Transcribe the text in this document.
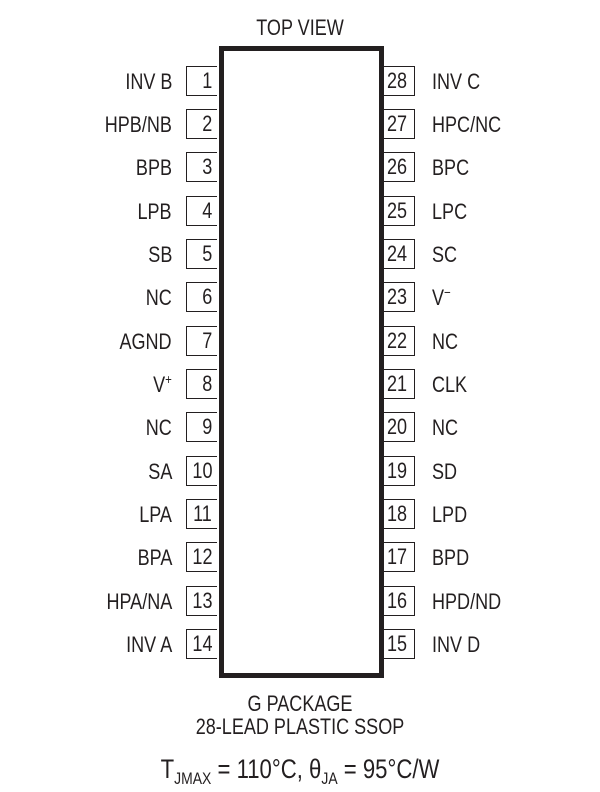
TOP VIEW
1
INV B
2
HPB/NB
3
BPB
4
LPB
5
SB
6
NC
7
AGND
8
V+
9
NC
10
SA
11
LPA
12
BPA
13
HPA/NA
14
INV A
28 INV C
27 HPC/NC
26 BPC
25 LPC
24 SC
23 V−
22 NC
21 CLK
20 NC
19 SD
18 LPD
17 BPD
16 HPD/ND
15 INV D
G PACKAGE
28-LEAD PLASTIC SSOP
$T_{JMAX} = 110^\circ C$, $\theta_{JA} = 95^\circ C/W$
